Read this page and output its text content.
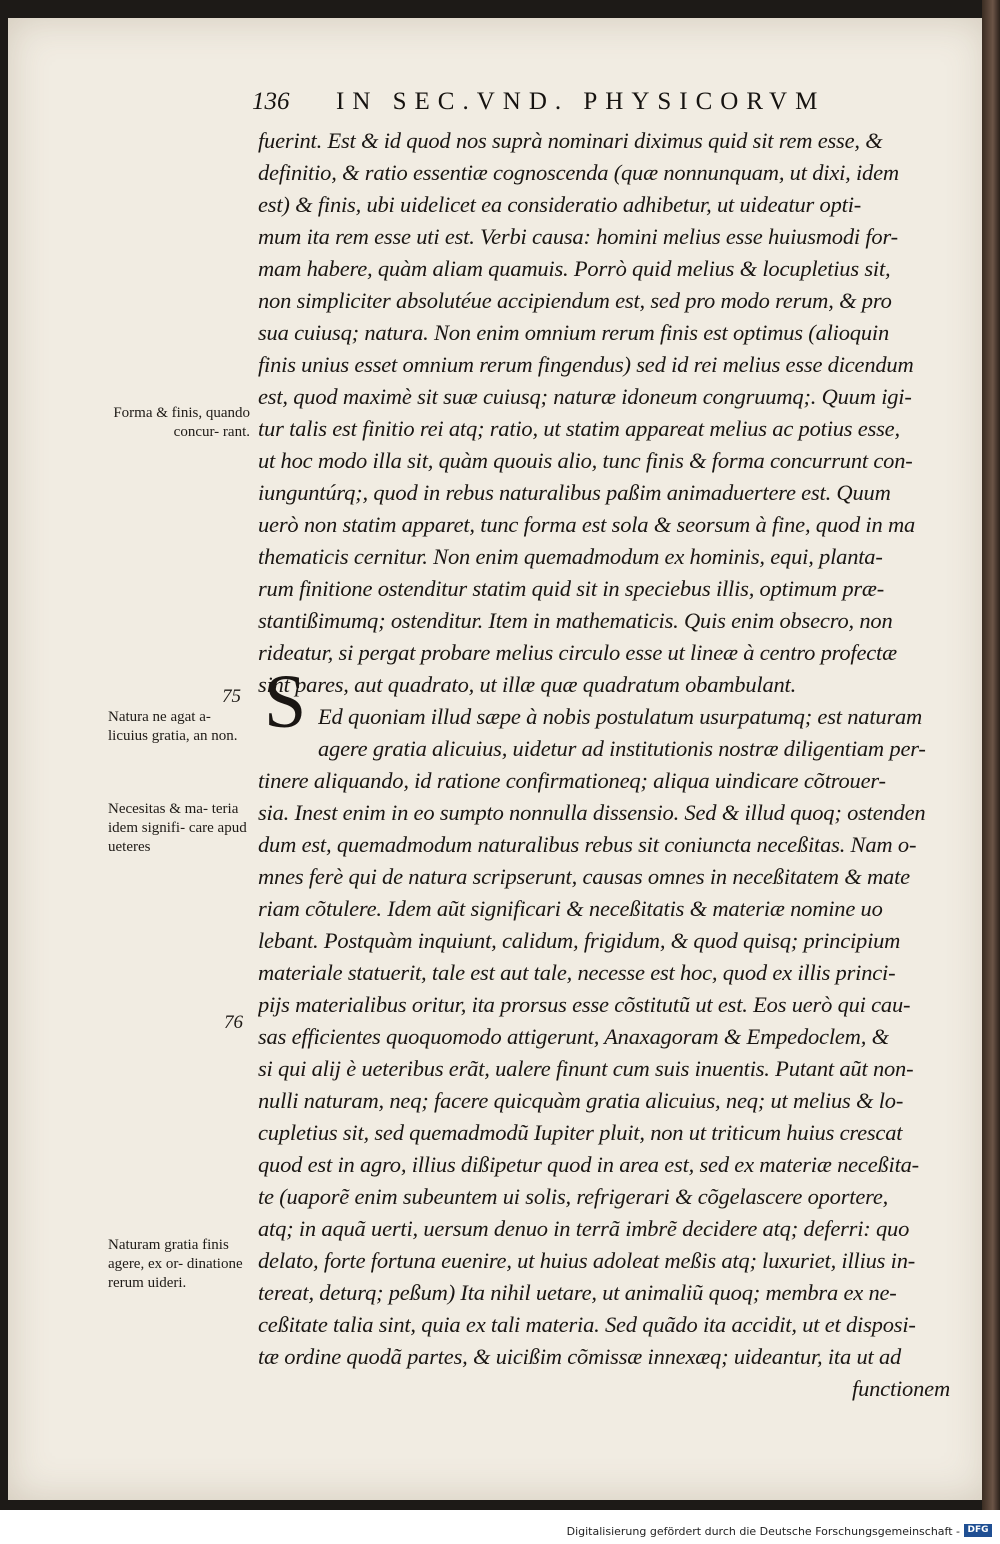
136 IN SEC.VND. PHYSICORVM
S
fuerint. Est & id quod nos suprà nominari diximus quid sit rem esse, &
definitio, & ratio essentiæ cognoscenda (quæ nonnunquam, ut dixi, idem
est) & finis, ubi uidelicet ea consideratio adhibetur, ut uideatur opti-
mum ita rem esse uti est. Verbi causa: homini melius esse huiusmodi for-
mam habere, quàm aliam quamuis. Porrò quid melius & locupletius sit,
non simpliciter absolutéue accipiendum est, sed pro modo rerum, & pro
sua cuiusq; natura. Non enim omnium rerum finis est optimus (alioquin
finis unius esset omnium rerum fingendus) sed id rei melius esse dicendum
est, quod maximè sit suæ cuiusq; naturæ idoneum congruumq;. Quum igi-
tur talis est finitio rei atq; ratio, ut statim appareat melius ac potius esse,
ut hoc modo illa sit, quàm quouis alio, tunc finis & forma concurrunt con-
iunguntúrq;, quod in rebus naturalibus paßim animaduertere est. Quum
uerò non statim apparet, tunc forma est sola & seorsum à fine, quod in ma
thematicis cernitur. Non enim quemadmodum ex hominis, equi, planta-
rum finitione ostenditur statim quid sit in speciebus illis, optimum præ-
stantißimumq; ostenditur. Item in mathematicis. Quis enim obsecro, non
rideatur, si pergat probare melius circulo esse ut lineæ à centro profectæ
sint pares, aut quadrato, ut illæ quæ quadratum obambulant.
Ed quoniam illud sæpe à nobis postulatum usurpatumq; est naturam
agere gratia alicuius, uidetur ad institutionis nostræ diligentiam per-
tinere aliquando, id ratione confirmationeq; aliqua uindicare cõtrouer-
sia. Inest enim in eo sumpto nonnulla dissensio. Sed & illud quoq; ostenden
dum est, quemadmodum naturalibus rebus sit coniuncta neceßitas. Nam o-
mnes ferè qui de natura scripserunt, causas omnes in neceßitatem & mate
riam cõtulere. Idem aũt significari & neceßitatis & materiæ nomine uo
lebant. Postquàm inquiunt, calidum, frigidum, & quod quisq; principium
materiale statuerit, tale est aut tale, necesse est hoc, quod ex illis princi-
pijs materialibus oritur, ita prorsus esse cõstitutũ ut est. Eos uerò qui cau-
sas efficientes quoquomodo attigerunt, Anaxagoram & Empedoclem, &
si qui alij è ueteribus erãt, ualere finunt cum suis inuentis. Putant aũt non-
nulli naturam, neq; facere quicquàm gratia alicuius, neq; ut melius & lo-
cupletius sit, sed quemadmodũ Iupiter pluit, non ut triticum huius crescat
quod est in agro, illius dißipetur quod in area est, sed ex materiæ neceßita-
te (uaporẽ enim subeuntem ui solis, refrigerari & cõgelascere oportere,
atq; in aquã uerti, uersum denuo in terrã imbrẽ decidere atq; deferri: quo
delato, forte fortuna euenire, ut huius adoleat meßis atq; luxuriet, illius in-
tereat, deturq; peßum) Ita nihil uetare, ut animaliũ quoq; membra ex ne-
ceßitate talia sint, quia ex tali materia. Sed quãdo ita accidit, ut et disposi-
tæ ordine quodã partes, & uicißim cõmissæ innexæq; uideantur, ita ut ad
functionem
Forma & finis, quando concur- rant.
Natura ne agat a- licuius gratia, an non.
Necesitas & ma- teria idem signifi- care apud ueteres
Naturam gratia finis agere, ex or- dinatione rerum uideri.
75
76
Digitalisierung gefördert durch die Deutsche Forschungsgemeinschaft - DFG
